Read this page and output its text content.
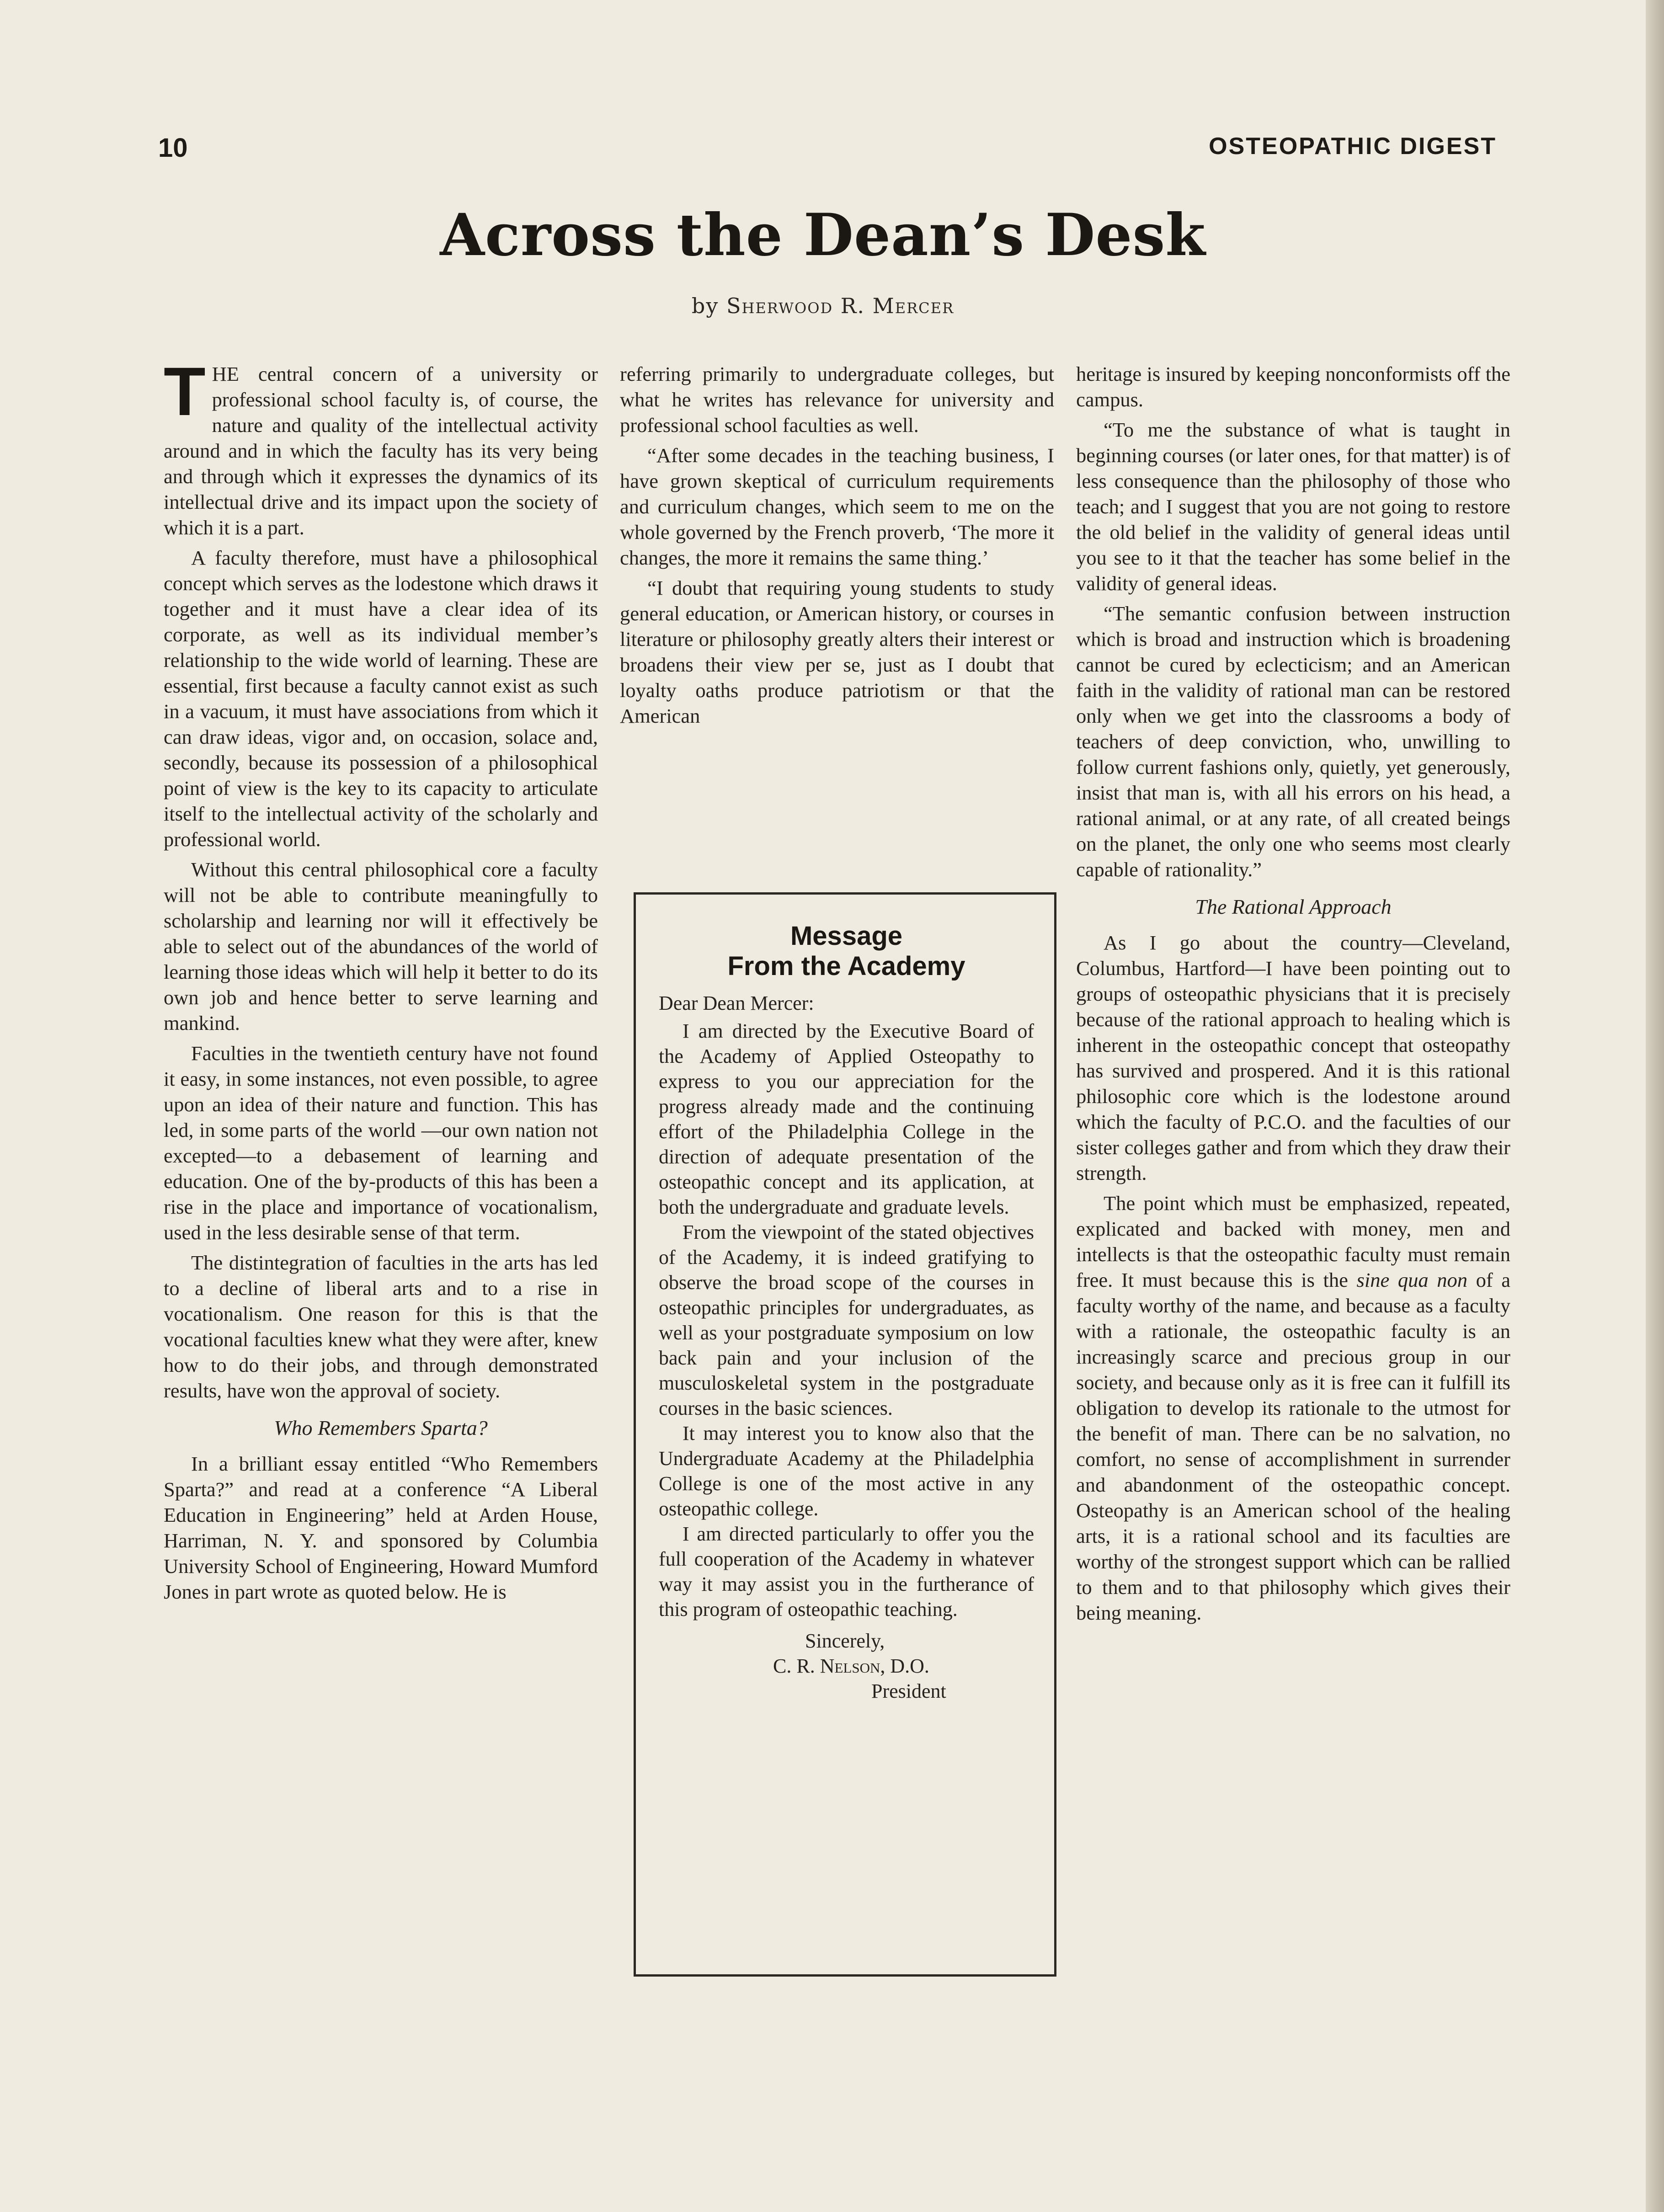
10	OSTEOPATHIC DIGEST
Across the Dean’s Desk
by Sherwood R. Mercer

THE central concern of a university or professional school faculty is, of course, the nature and quality of the intellectual activity around and in which the faculty has its very being and through which it expresses the dynamics of its intellectual drive and its impact upon the society of which it is a part.

A faculty therefore, must have a philosophical concept which serves as the lodestone which draws it together and it must have a clear idea of its corporate, as well as its individual member’s relationship to the wide world of learning. These are essential, first because a faculty cannot exist as such in a vacuum, it must have associations from which it can draw ideas, vigor and, on occasion, solace and, secondly, because its possession of a philosophical point of view is the key to its capacity to articulate itself to the intellectual activity of the scholarly and professional world.

Without this central philosophical core a faculty will not be able to contribute meaningfully to scholarship and learning nor will it effectively be able to select out of the abundances of the world of learning those ideas which will help it better to do its own job and hence better to serve learning and mankind.

Faculties in the twentieth century have not found it easy, in some instances, not even possible, to agree upon an idea of their nature and function. This has led, in some parts of the world —our own nation not excepted—to a debasement of learning and education. One of the by-products of this has been a rise in the place and importance of vocationalism, used in the less desirable sense of that term.

The distintegration of faculties in the arts has led to a decline of liberal arts and to a rise in vocationalism. One reason for this is that the vocational faculties knew what they were after, knew how to do their jobs, and through demonstrated results, have won the approval of society.

Who Remembers Sparta?

In a brilliant essay entitled “Who Remembers Sparta?” and read at a conference “A Liberal Education in Engineering” held at Arden House, Harriman, N. Y. and sponsored by Columbia University School of Engineering, Howard Mumford Jones in part wrote as quoted below. He is

referring primarily to undergraduate colleges, but what he writes has relevance for university and professional school faculties as well.

“After some decades in the teaching business, I have grown skeptical of curriculum requirements and curriculum changes, which seem to me on the whole governed by the French proverb, ‘The more it changes, the more it remains the same thing.’

“I doubt that requiring young students to study general education, or American history, or courses in literature or philosophy greatly alters their interest or broadens their view per se, just as I doubt that loyalty oaths produce patriotism or that the American

Message
From the Academy

Dear Dean Mercer:

I am directed by the Executive Board of the Academy of Applied Osteopathy to express to you our appreciation for the progress already made and the continuing effort of the Philadelphia College in the direction of adequate presentation of the osteopathic concept and its application, at both the undergraduate and graduate levels.

From the viewpoint of the stated objectives of the Academy, it is indeed gratifying to observe the broad scope of the courses in osteopathic principles for undergraduates, as well as your postgraduate symposium on low back pain and your inclusion of the musculoskeletal system in the postgraduate courses in the basic sciences.

It may interest you to know also that the Undergraduate Academy at the Philadelphia College is one of the most active in any osteopathic college.

I am directed particularly to offer you the full cooperation of the Academy in whatever way it may assist you in the furtherance of this program of osteopathic teaching.

Sincerely,

C. R. Nelson, D.O.

President

heritage is insured by keeping nonconformists off the campus.

“To me the substance of what is taught in beginning courses (or later ones, for that matter) is of less consequence than the philosophy of those who teach; and I suggest that you are not going to restore the old belief in the validity of general ideas until you see to it that the teacher has some belief in the validity of general ideas.

“The semantic confusion between instruction which is broad and instruction which is broadening cannot be cured by eclecticism; and an American faith in the validity of rational man can be restored only when we get into the classrooms a body of teachers of deep conviction, who, unwilling to follow current fashions only, quietly, yet generously, insist that man is, with all his errors on his head, a rational animal, or at any rate, of all created beings on the planet, the only one who seems most clearly capable of rationality.”

The Rational Approach

As I go about the country—Cleveland, Columbus, Hartford—I have been pointing out to groups of osteopathic physicians that it is precisely because of the rational approach to healing which is inherent in the osteopathic concept that osteopathy has survived and prospered. And it is this rational philosophic core which is the lodestone around which the faculty of P.C.O. and the faculties of our sister colleges gather and from which they draw their strength.

The point which must be emphasized, repeated, explicated and backed with money, men and intellects is that the osteopathic faculty must remain free. It must because this is the sine qua non of a faculty worthy of the name, and because as a faculty with a rationale, the osteopathic faculty is an increasingly scarce and precious group in our society, and because only as it is free can it fulfill its obligation to develop its rationale to the utmost for the benefit of man. There can be no salvation, no comfort, no sense of accomplishment in surrender and abandonment of the osteopathic concept. Osteopathy is an American school of the healing arts, it is a rational school and its faculties are worthy of the strongest support which can be rallied to them and to that philosophy which gives their being meaning.
